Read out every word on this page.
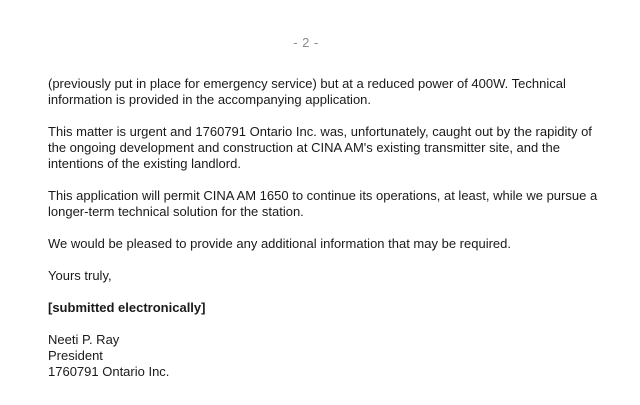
- 2 -

(previously put in place for emergency service) but at a reduced power of 400W. Technical information is provided in the accompanying application.

This matter is urgent and 1760791 Ontario Inc. was, unfortunately, caught out by the rapidity of the ongoing development and construction at CINA AM's existing transmitter site, and the intentions of the existing landlord.

This application will permit CINA AM 1650 to continue its operations, at least, while we pursue a longer-term technical solution for the station.

We would be pleased to provide any additional information that may be required.

Yours truly,

[submitted electronically]

Neeti P. Ray
President
1760791 Ontario Inc.
